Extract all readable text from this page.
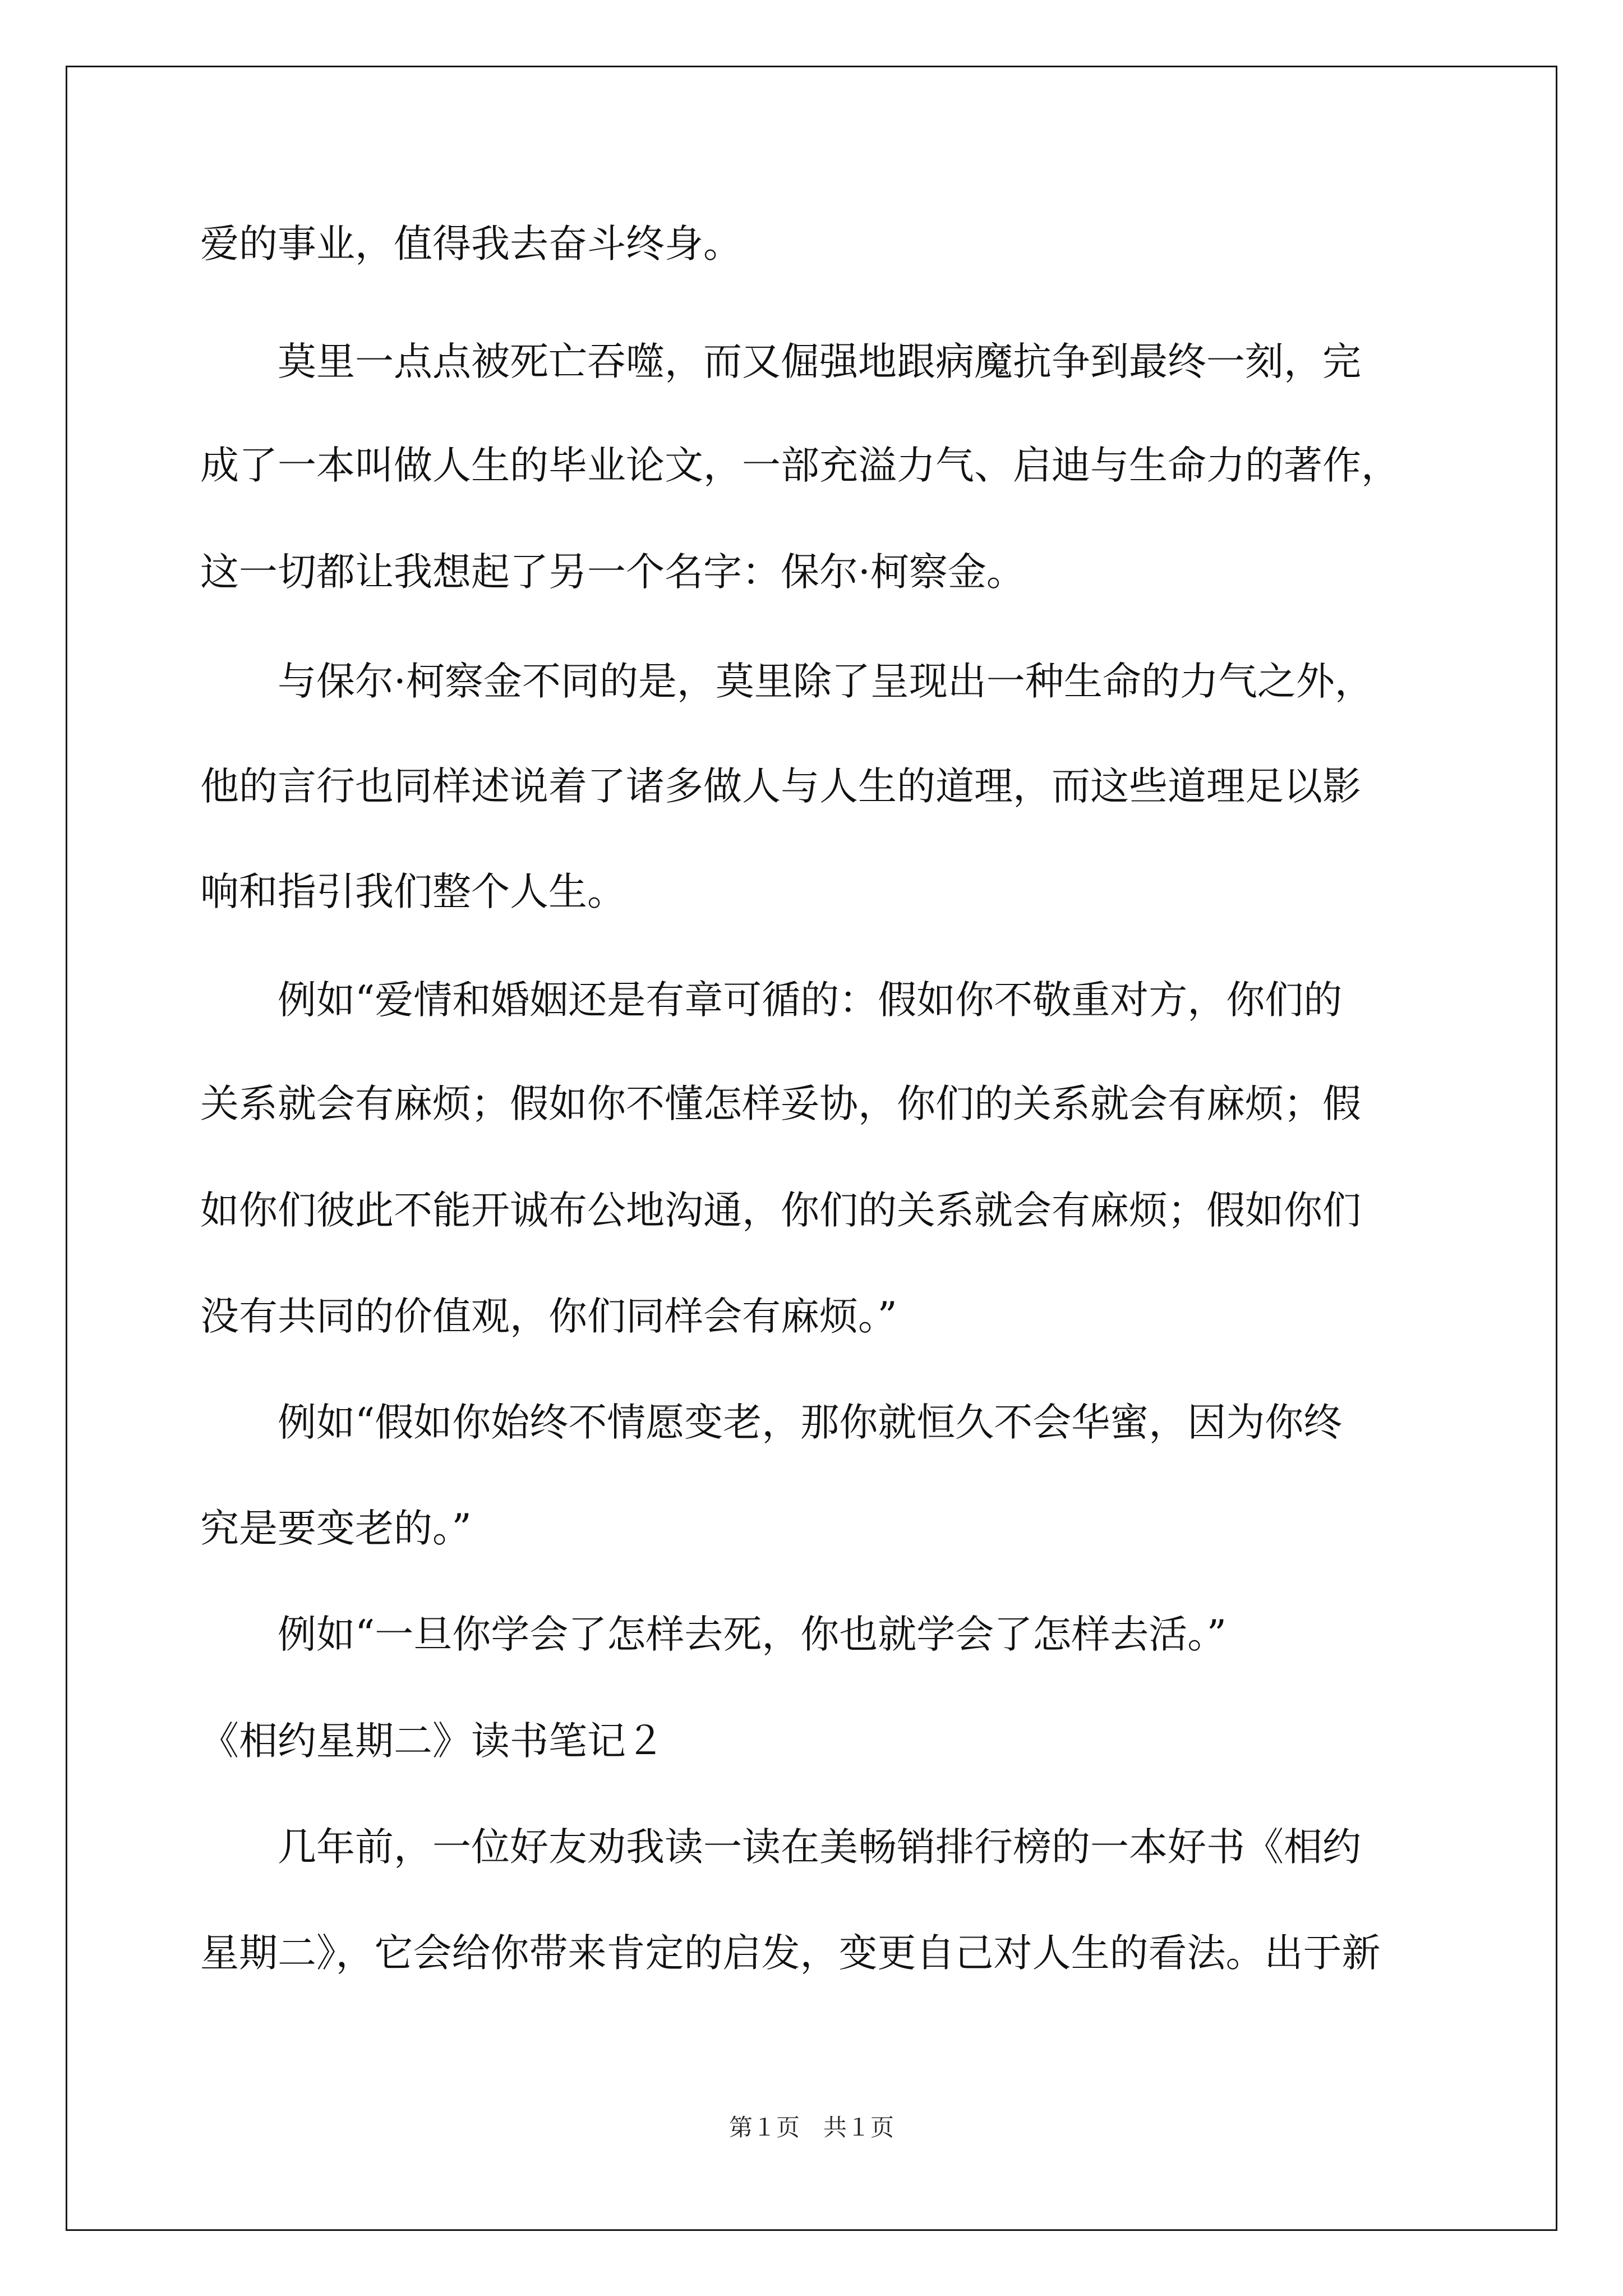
爱的事业，值得我去奋斗终身。
　　莫里一点点被死亡吞噬，而又倔强地跟病魔抗争到最终一刻，完
成了一本叫做人生的毕业论文，一部充溢力气、启迪与生命力的著作，
这一切都让我想起了另一个名字：保尔·柯察金。
　　与保尔·柯察金不同的是，莫里除了呈现出一种生命的力气之外，
他的言行也同样述说着了诸多做人与人生的道理，而这些道理足以影
响和指引我们整个人生。
　　例如“爱情和婚姻还是有章可循的：假如你不敬重对方，你们的
关系就会有麻烦；假如你不懂怎样妥协，你们的关系就会有麻烦；假
如你们彼此不能开诚布公地沟通，你们的关系就会有麻烦；假如你们
没有共同的价值观，你们同样会有麻烦。”
　　例如“假如你始终不情愿变老，那你就恒久不会华蜜，因为你终
究是要变老的。”
　　例如“一旦你学会了怎样去死，你也就学会了怎样去活。”
《相约星期二》读书笔记２
　　几年前，一位好友劝我读一读在美畅销排行榜的一本好书《相约
星期二》，它会给你带来肯定的启发，变更自己对人生的看法。出于新
第１页　共１页
